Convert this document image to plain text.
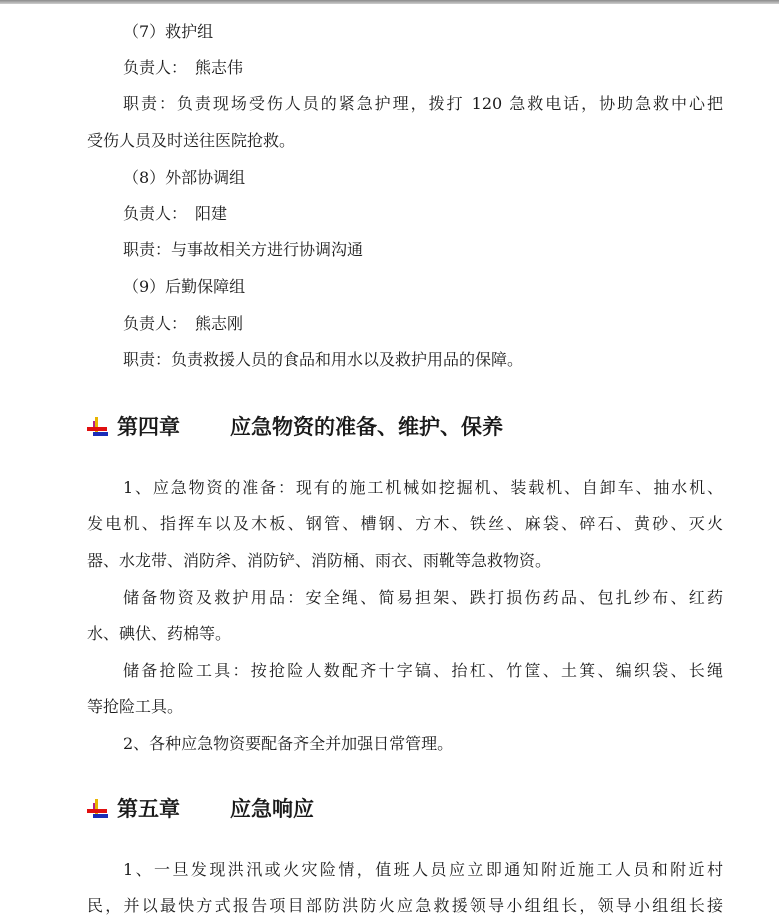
（7）救护组
负责人：　熊志伟
职责：负责现场受伤人员的紧急护理，拨打 120 急救电话，协助急救中心把
受伤人员及时送往医院抢救。
（8）外部协调组
负责人：　阳建
职责：与事故相关方进行协调沟通
（9）后勤保障组
负责人：　熊志刚
职责：负责救援人员的食品和用水以及救护用品的保障。
第四章 应急物资的准备、维护、保养
1、应急物资的准备：现有的施工机械如挖掘机、装载机、自卸车、抽水机、
发电机、指挥车以及木板、钢管、槽钢、方木、铁丝、麻袋、碎石、黄砂、灭火
器、水龙带、消防斧、消防铲、消防桶、雨衣、雨靴等急救物资。
储备物资及救护用品：安全绳、简易担架、跌打损伤药品、包扎纱布、红药
水、碘伏、药棉等。
储备抢险工具：按抢险人数配齐十字镐、抬杠、竹筐、土箕、编织袋、长绳
等抢险工具。
2、各种应急物资要配备齐全并加强日常管理。
第五章 应急响应
1、一旦发现洪汛或火灾险情，值班人员应立即通知附近施工人员和附近村
民，并以最快方式报告项目部防洪防火应急救援领导小组组长，领导小组组长接
